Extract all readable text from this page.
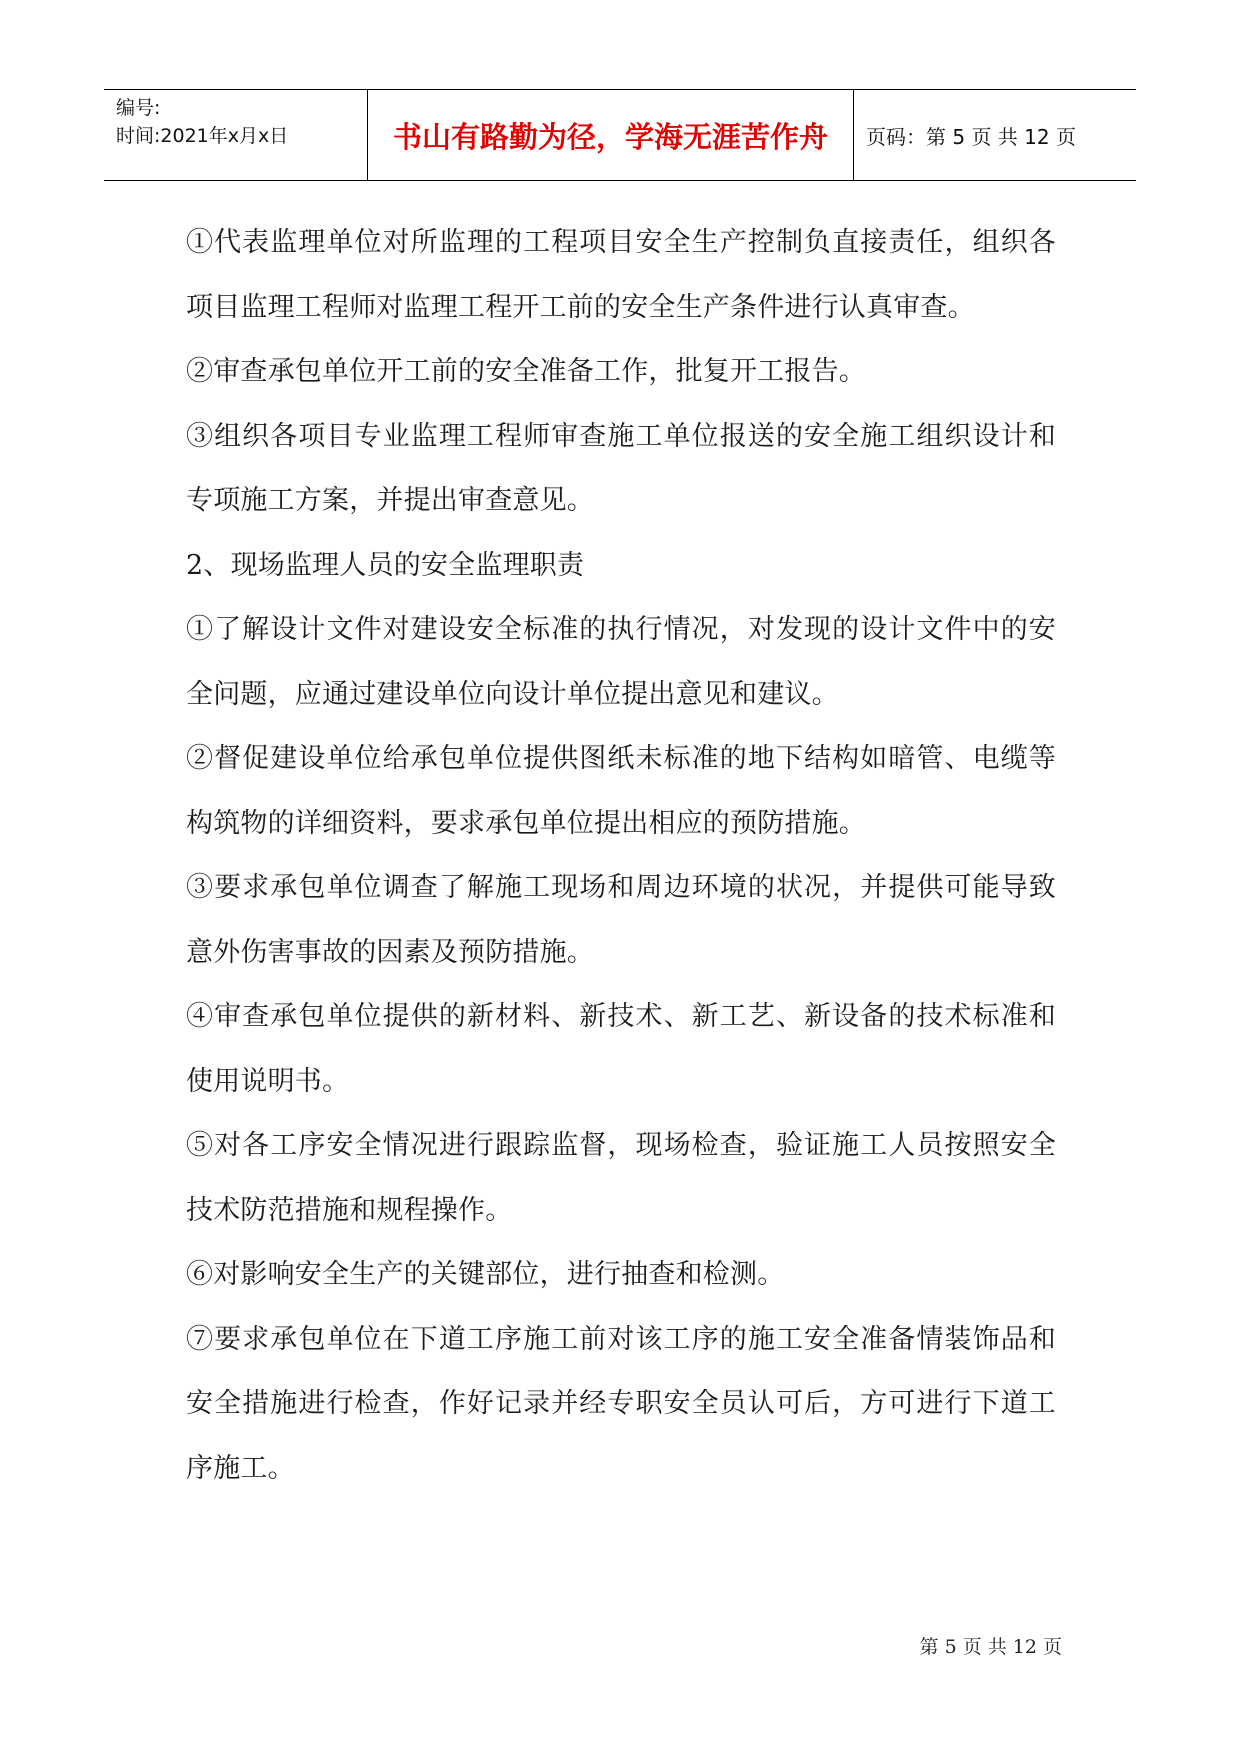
编号:
时间:2021年x月x日	书山有路勤为径，学海无涯苦作舟	页码：第 5 页 共 12 页
①代表监理单位对所监理的工程项目安全生产控制负直接责任，组织各项目监理工程师对监理工程开工前的安全生产条件进行认真审查。
②审查承包单位开工前的安全准备工作，批复开工报告。
③组织各项目专业监理工程师审查施工单位报送的安全施工组织设计和专项施工方案，并提出审查意见。
2、现场监理人员的安全监理职责
①了解设计文件对建设安全标准的执行情况，对发现的设计文件中的安全问题，应通过建设单位向设计单位提出意见和建议。
②督促建设单位给承包单位提供图纸未标准的地下结构如暗管、电缆等构筑物的详细资料，要求承包单位提出相应的预防措施。
③要求承包单位调查了解施工现场和周边环境的状况，并提供可能导致意外伤害事故的因素及预防措施。
④审查承包单位提供的新材料、新技术、新工艺、新设备的技术标准和使用说明书。
⑤对各工序安全情况进行跟踪监督，现场检查，验证施工人员按照安全技术防范措施和规程操作。
⑥对影响安全生产的关键部位，进行抽查和检测。
⑦要求承包单位在下道工序施工前对该工序的施工安全准备情装饰品和安全措施进行检查，作好记录并经专职安全员认可后，方可进行下道工序施工。
第 5 页 共 12 页
